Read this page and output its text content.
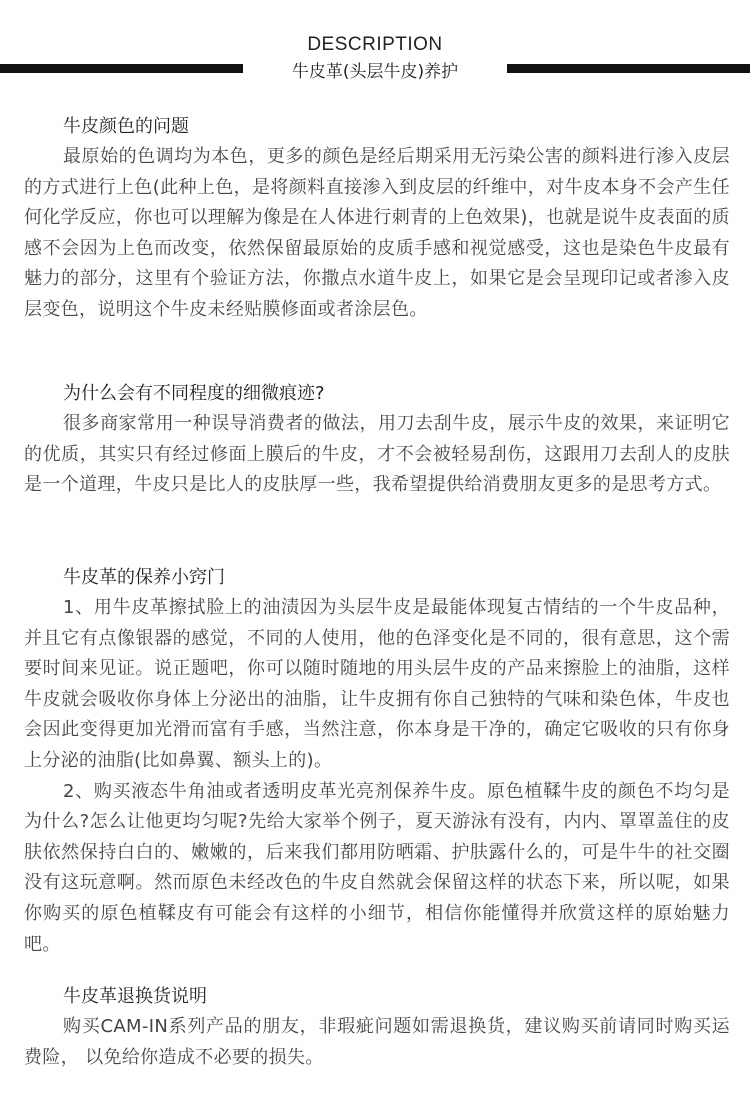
DESCRIPTION
牛皮革(头层牛皮)养护
牛皮颜色的问题

最原始的色调均为本色，更多的颜色是经后期采用无污染公害的颜料进行渗入皮层的方式进行上色(此种上色，是将颜料直接渗入到皮层的纤维中，对牛皮本身不会产生任何化学反应，你也可以理解为像是在人体进行刺青的上色效果)，也就是说牛皮表面的质感不会因为上色而改变，依然保留最原始的皮质手感和视觉感受，这也是染色牛皮最有魅力的部分，这里有个验证方法，你撒点水道牛皮上，如果它是会呈现印记或者渗入皮层变色，说明这个牛皮未经贴膜修面或者涂层色。

为什么会有不同程度的细微痕迹?

很多商家常用一种误导消费者的做法，用刀去刮牛皮，展示牛皮的效果，来证明它的优质，其实只有经过修面上膜后的牛皮，才不会被轻易刮伤，这跟用刀去刮人的皮肤是一个道理，牛皮只是比人的皮肤厚一些，我希望提供给消费朋友更多的是思考方式。

牛皮革的保养小窍门

1、用牛皮革擦拭脸上的油渍因为头层牛皮是最能体现复古情结的一个牛皮品种，并且它有点像银器的感觉，不同的人使用，他的色泽变化是不同的，很有意思，这个需要时间来见证。说正题吧，你可以随时随地的用头层牛皮的产品来擦脸上的油脂，这样牛皮就会吸收你身体上分泌出的油脂，让牛皮拥有你自己独特的气味和染色体，牛皮也会因此变得更加光滑而富有手感，当然注意，你本身是干净的，确定它吸收的只有你身上分泌的油脂(比如鼻翼、额头上的)。

2、购买液态牛角油或者透明皮革光亮剂保养牛皮。原色植鞣牛皮的颜色不均匀是为什么?怎么让他更均匀呢?先给大家举个例子，夏天游泳有没有，内内、罩罩盖住的皮肤依然保持白白的、嫩嫩的，后来我们都用防晒霜、护肤露什么的，可是牛牛的社交圈没有这玩意啊。然而原色未经改色的牛皮自然就会保留这样的状态下来，所以呢，如果你购买的原色植鞣皮有可能会有这样的小细节，相信你能懂得并欣赏这样的原始魅力吧。

牛皮革退换货说明

购买CAM-IN系列产品的朋友，非瑕疵问题如需退换货，建议购买前请同时购买运费险， 以免给你造成不必要的损失。
